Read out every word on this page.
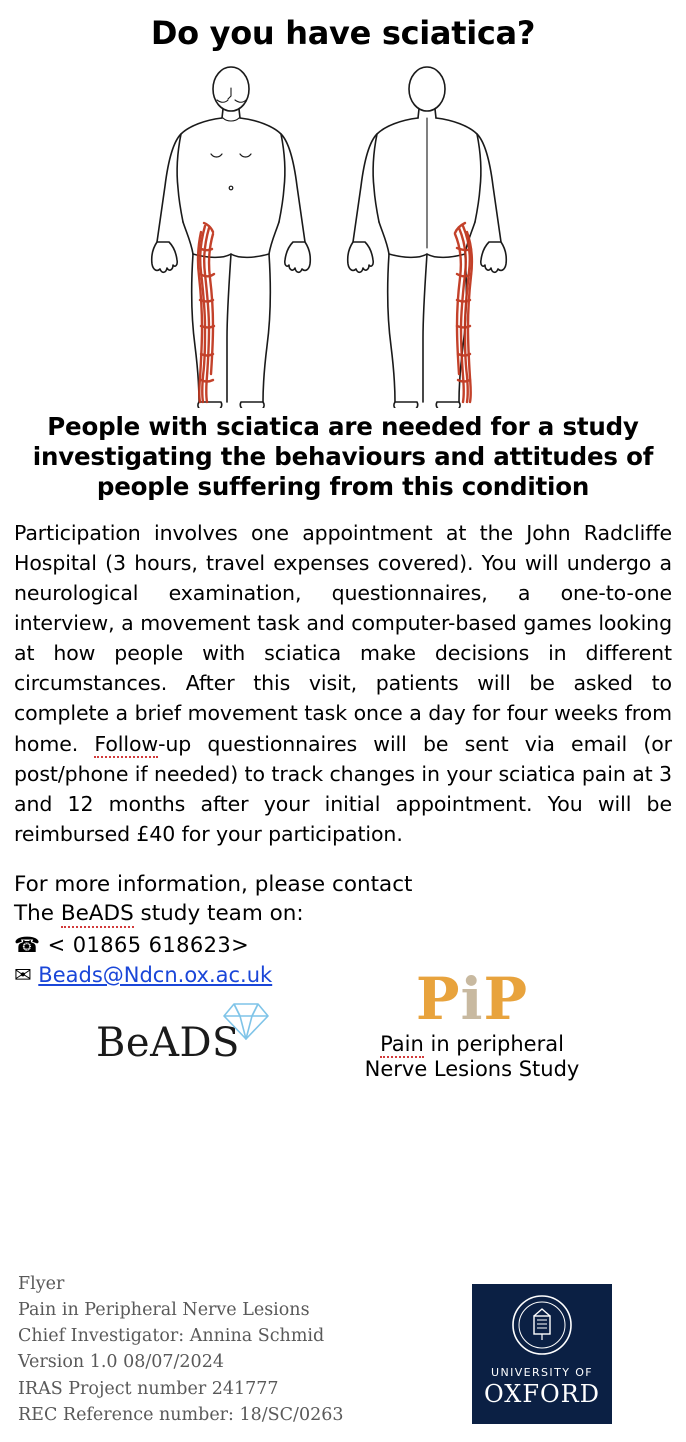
Do you have sciatica?
People with sciatica are needed for a study investigating the behaviours and attitudes of people suffering from this condition

Participation involves one appointment at the John Radcliffe Hospital (3 hours, travel expenses covered). You will undergo a neurological examination, questionnaires, a one-to-one interview, a movement task and computer-based games looking at how people with sciatica make decisions in different circumstances. After this visit, patients will be asked to complete a brief movement task once a day for four weeks from home. Follow-up questionnaires will be sent via email (or post/phone if needed) to track changes in your sciatica pain at 3 and 12 months after your initial appointment. You will be reimbursed £40 for your participation.

For more information, please contact
The BeADS study team on:
☎ < 01865 618623>
✉ Beads@Ndcn.ox.ac.uk
BeADS
PiP
Pain in peripheral
Nerve Lesions Study
Flyer
Pain in Peripheral Nerve Lesions
Chief Investigator: Annina Schmid
Version 1.0 08/07/2024
IRAS Project number 241777
REC Reference number: 18/SC/0263
UNIVERSITY OF
OXFORD
